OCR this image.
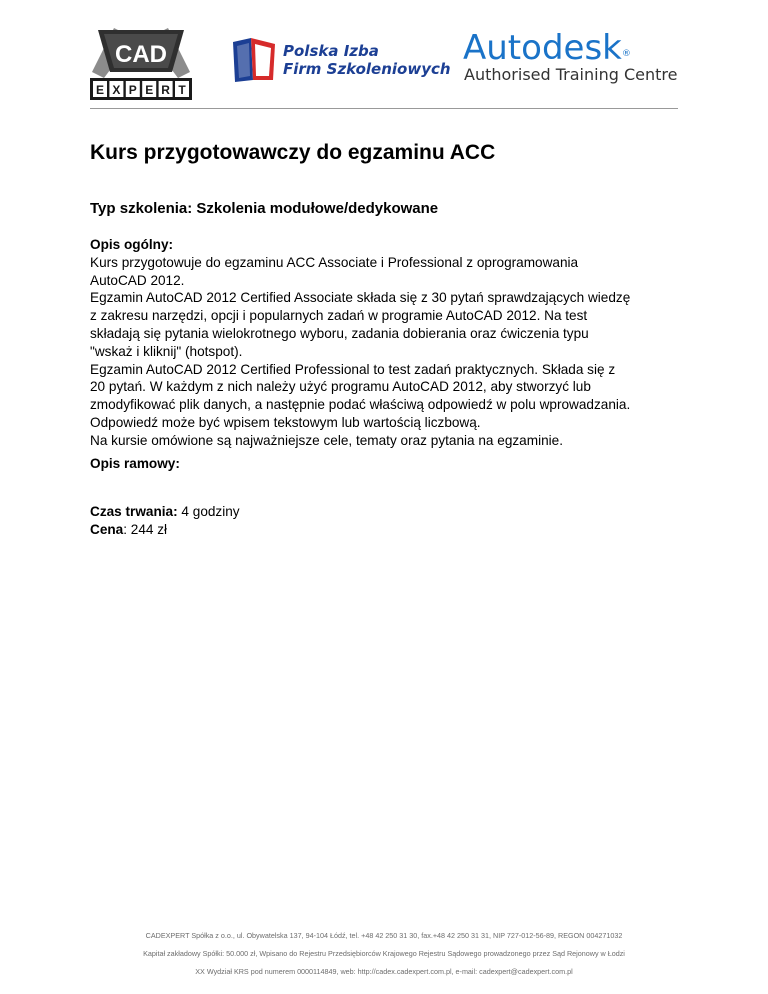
CAD
E X P E R T
Polska Izba
Firm Szkoleniowych
Autodesk®
Authorised Training Centre
Kurs przygotowawczy do egzaminu ACC
Typ szkolenia: Szkolenia modułowe/dedykowane

Opis ogólny:

Kurs przygotowuje do egzaminu ACC Associate i Professional z oprogramowania

AutoCAD 2012.

Egzamin AutoCAD 2012 Certified Associate składa się z 30 pytań sprawdzających wiedzę

z zakresu narzędzi, opcji i popularnych zadań w programie AutoCAD 2012. Na test

składają się pytania wielokrotnego wyboru, zadania dobierania oraz ćwiczenia typu

"wskaż i kliknij" (hotspot).

Egzamin AutoCAD 2012 Certified Professional to test zadań praktycznych. Składa się z

20 pytań. W każdym z nich należy użyć programu AutoCAD 2012, aby stworzyć lub

zmodyfikować plik danych, a następnie podać właściwą odpowiedź w polu wprowadzania.

Odpowiedź może być wpisem tekstowym lub wartością liczbową.

Na kursie omówione są najważniejsze cele, tematy oraz pytania na egzaminie.

Opis ramowy:
Czas trwania: 4 godziny
Cena: 244 zł
CADEXPERT Spółka z o.o., ul. Obywatelska 137, 94-104 Łódź, tel. +48 42 250 31 30, fax.+48 42 250 31 31, NIP 727-012-56-89, REGON 004271032
Kapitał zakładowy Spółki: 50.000 zł, Wpisano do Rejestru Przedsiębiorców Krajowego Rejestru Sądowego prowadzonego przez Sąd Rejonowy w Łodzi
XX Wydział KRS pod numerem 0000114849, web: http://cadex.cadexpert.com.pl, e-mail: cadexpert@cadexpert.com.pl
